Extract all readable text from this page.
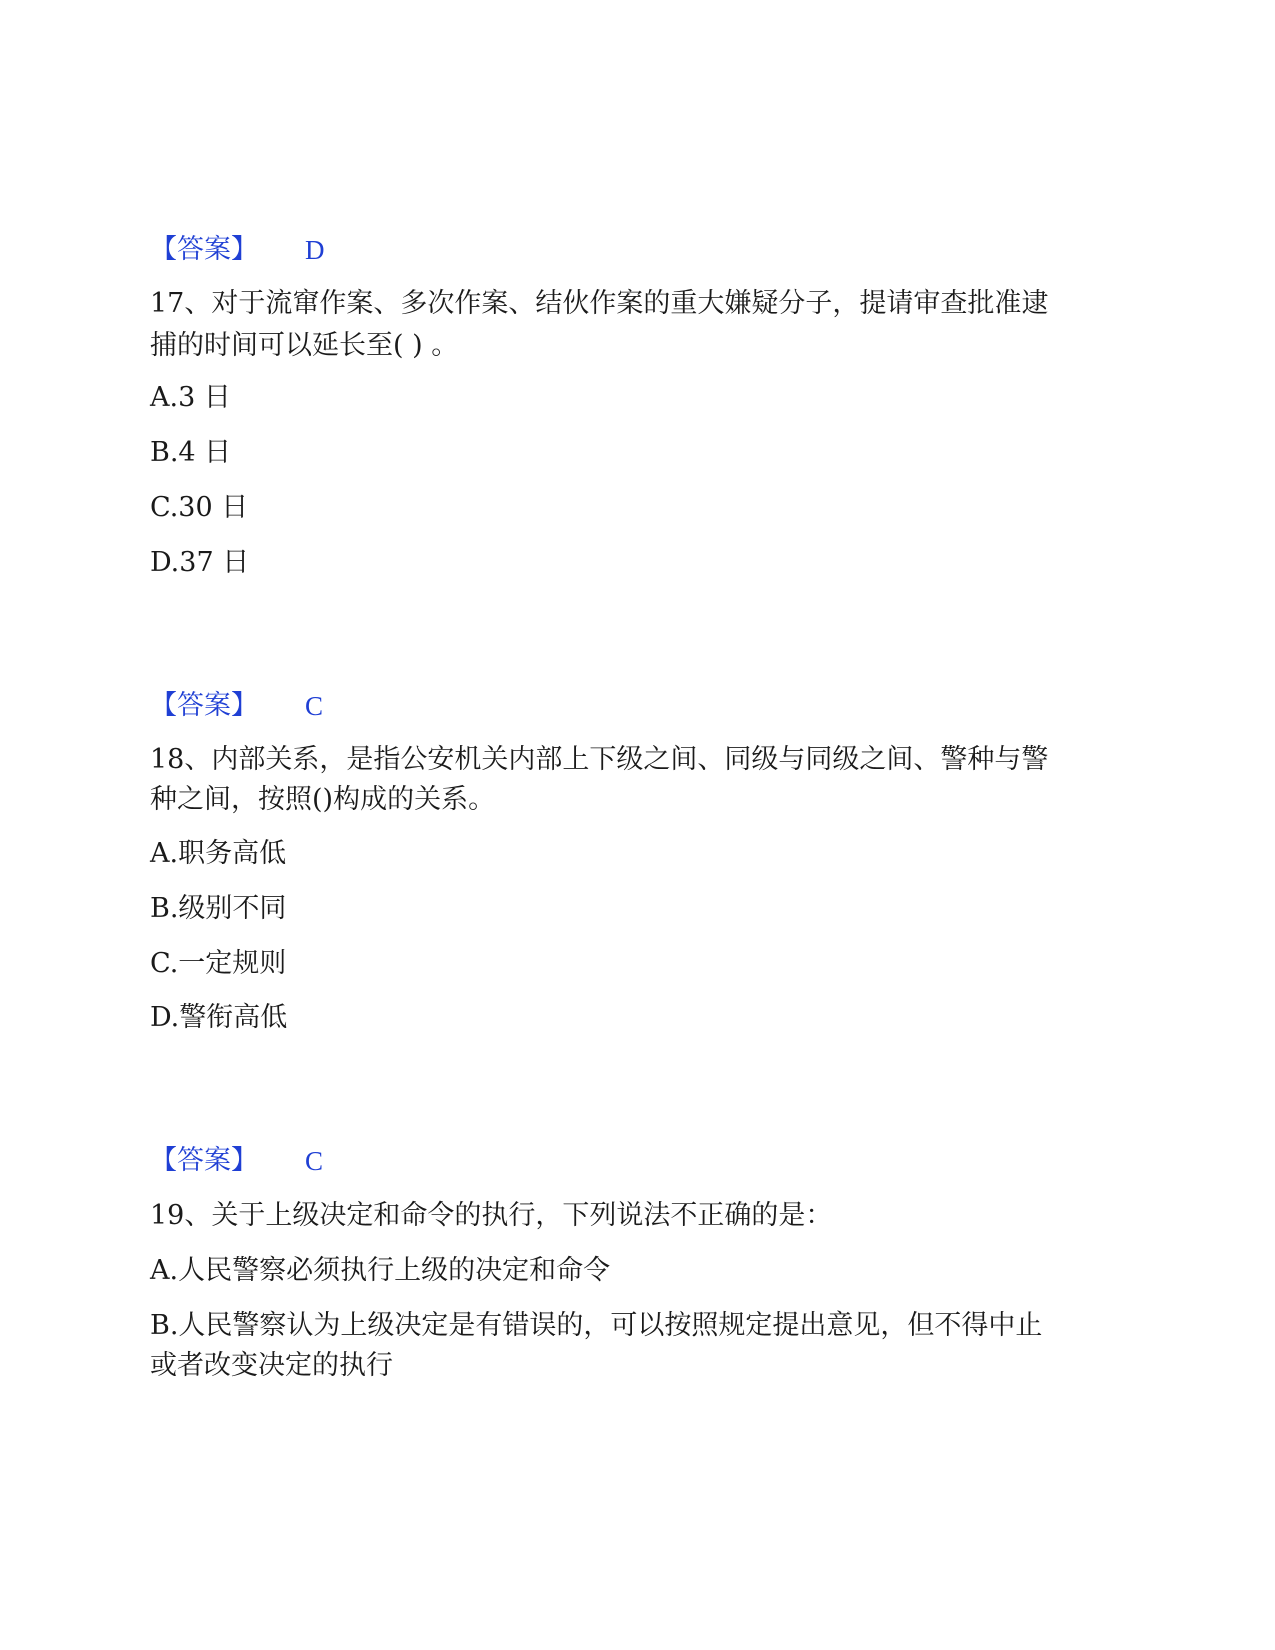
【答案】 D
17、对于流窜作案、多次作案、结伙作案的重大嫌疑分子，提请审查批准逮
捕的时间可以延长至( ) 。
A.3 日
B.4 日
C.30 日
D.37 日
【答案】 C
18、内部关系，是指公安机关内部上下级之间、同级与同级之间、警种与警
种之间，按照()构成的关系。
A.职务高低
B.级别不同
C.一定规则
D.警衔高低
【答案】 C
19、关于上级决定和命令的执行，下列说法不正确的是：
A.人民警察必须执行上级的决定和命令
B.人民警察认为上级决定是有错误的，可以按照规定提出意见，但不得中止
或者改变决定的执行
